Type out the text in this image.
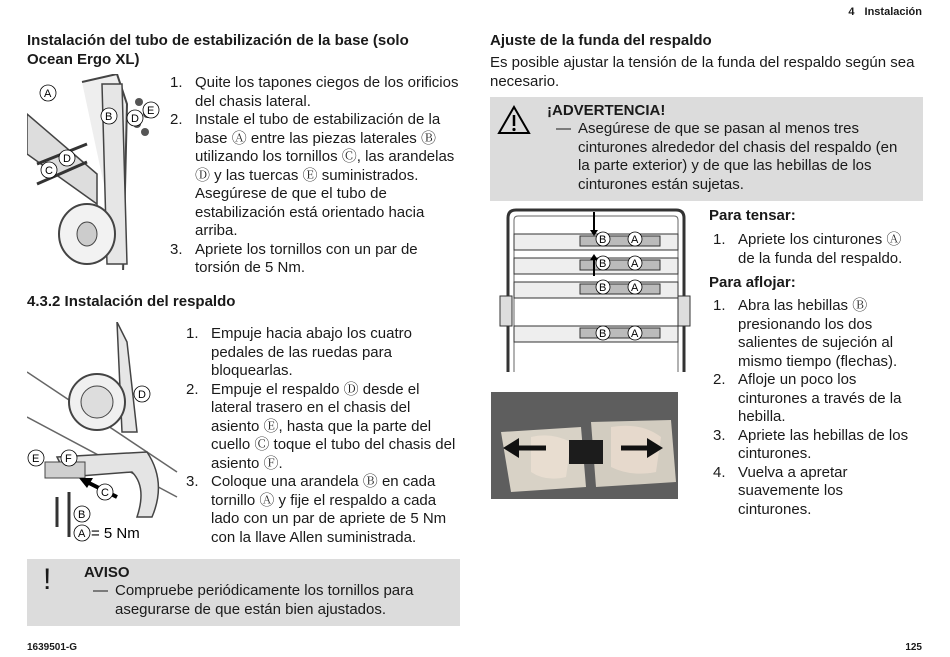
4 Instalación
1639501-G	125
Instalación del tubo de estabilización de la base (solo Ocean Ergo XL)
A
B
C
D
D
E
1. Quite los tapones ciegos de los orificios del chasis lateral.
2. Instale el tubo de estabilización de la base Ⓐ entre las piezas laterales Ⓑ utilizando los tornillos Ⓒ, las arandelas Ⓓ y las tuercas Ⓔ suministrados. Asegúrese de que el tubo de estabilización está orientado hacia arriba.
3. Apriete los tornillos con un par de torsión de 5 Nm.
4.3.2 Instalación del respaldo
D
E F
C
B
A = 5 Nm
1. Empuje hacia abajo los cuatro pedales de las ruedas para bloquearlas.
2. Empuje el respaldo Ⓓ desde el lateral trasero en el chasis del asiento Ⓔ, hasta que la parte del cuello Ⓒ toque el tubo del chasis del asiento Ⓕ.
3. Coloque una arandela Ⓑ en cada tornillo Ⓐ y fije el respaldo a cada lado con un par de apriete de 5 Nm con la llave Allen suministrada.
! AVISO
— Compruebe periódicamente los tornillos para asegurarse de que están bien ajustados.
Ajuste de la funda del respaldo
Es posible ajustar la tensión de la funda del respaldo según sea necesario.
¡ADVERTENCIA!
— Asegúrese de que se pasan al menos tres cinturones alrededor del chasis del respaldo (en la parte exterior) y de que las hebillas de los cinturones están sujetas.
B A
B A
B A
B A
Para tensar:
1. Apriete los cinturones Ⓐ de la funda del respaldo.
Para aflojar:
1. Abra las hebillas Ⓑ presionando los dos salientes de sujeción al mismo tiempo (flechas).
2. Afloje un poco los cinturones a través de la hebilla.
3. Apriete las hebillas de los cinturones.
4. Vuelva a apretar suavemente los cinturones.
